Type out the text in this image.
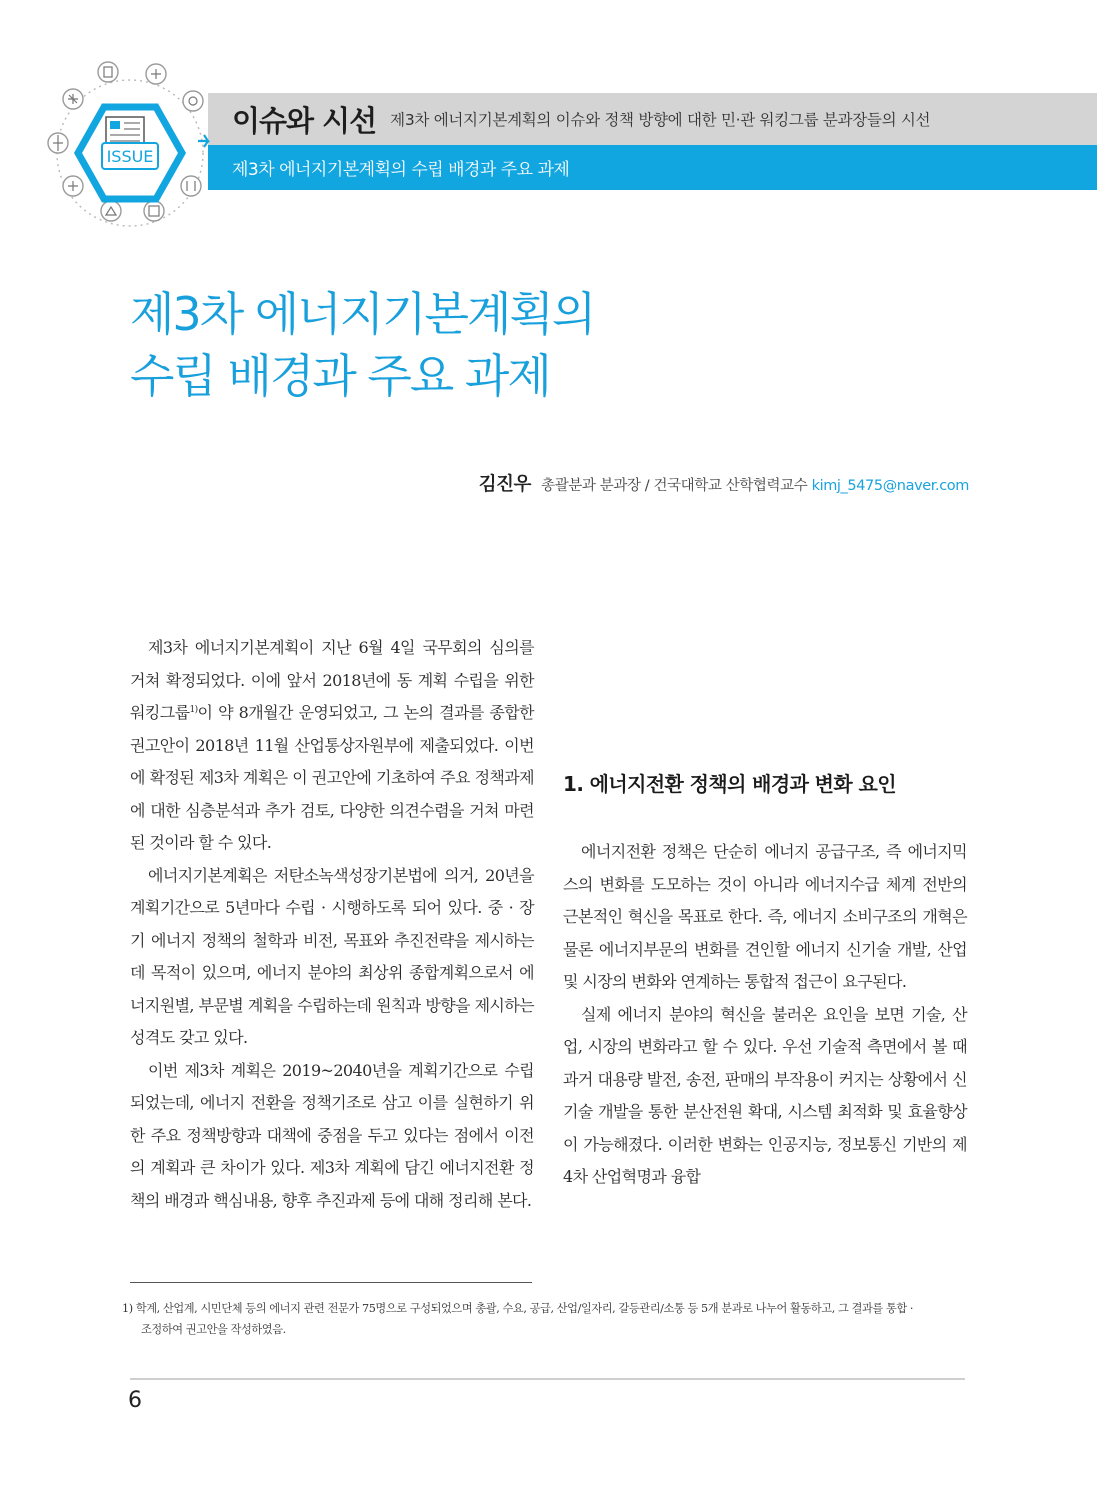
ISSUE
이슈와 시선 제3차 에너지기본계획의 이슈와 정책 방향에 대한 민·관 워킹그룹 분과장들의 시선
제3차 에너지기본계획의 수립 배경과 주요 과제
제3차 에너지기본계획의
수립 배경과 주요 과제
김진우 총괄분과 분과장 / 건국대학교 산학협력교수 kimj_5475@naver.com

제3차 에너지기본계획이 지난 6월 4일 국무회의 심의를 거쳐 확정되었다. 이에 앞서 2018년에 동 계획 수립을 위한 워킹그룹$^{1)}$이 약 8개월간 운영되었고, 그 논의 결과를 종합한 권고안이 2018년 11월 산업통상자원부에 제출되었다. 이번에 확정된 제3차 계획은 이 권고안에 기초하여 주요 정책과제에 대한 심층분석과 추가 검토, 다양한 의견수렴을 거쳐 마련된 것이라 할 수 있다.

에너지기본계획은 저탄소녹색성장기본법에 의거, 20년을 계획기간으로 5년마다 수립 · 시행하도록 되어 있다. 중 · 장기 에너지 정책의 철학과 비전, 목표와 추진전략을 제시하는데 목적이 있으며, 에너지 분야의 최상위 종합계획으로서 에너지원별, 부문별 계획을 수립하는데 원칙과 방향을 제시하는 성격도 갖고 있다.

이번 제3차 계획은 2019~2040년을 계획기간으로 수립되었는데, 에너지 전환을 정책기조로 삼고 이를 실현하기 위한 주요 정책방향과 대책에 중점을 두고 있다는 점에서 이전의 계획과 큰 차이가 있다. 제3차 계획에 담긴 에너지전환 정책의 배경과 핵심내용, 향후 추진과제 등에 대해 정리해 본다.

1. 에너지전환 정책의 배경과 변화 요인

에너지전환 정책은 단순히 에너지 공급구조, 즉 에너지믹스의 변화를 도모하는 것이 아니라 에너지수급 체계 전반의 근본적인 혁신을 목표로 한다. 즉, 에너지 소비구조의 개혁은 물론 에너지부문의 변화를 견인할 에너지 신기술 개발, 산업 및 시장의 변화와 연계하는 통합적 접근이 요구된다.

실제 에너지 분야의 혁신을 불러온 요인을 보면 기술, 산업, 시장의 변화라고 할 수 있다. 우선 기술적 측면에서 볼 때 과거 대용량 발전, 송전, 판매의 부작용이 커지는 상황에서 신기술 개발을 통한 분산전원 확대, 시스템 최적화 및 효율향상이 가능해졌다. 이러한 변화는 인공지능, 정보통신 기반의 제4차 산업혁명과 융합

1) 학계, 산업계, 시민단체 등의 에너지 관련 전문가 75명으로 구성되었으며 총괄, 수요, 공급, 산업/일자리, 갈등관리/소통 등 5개 분과로 나누어 활동하고, 그 결과를 통합 ·
조정하여 권고안을 작성하였음.
6
